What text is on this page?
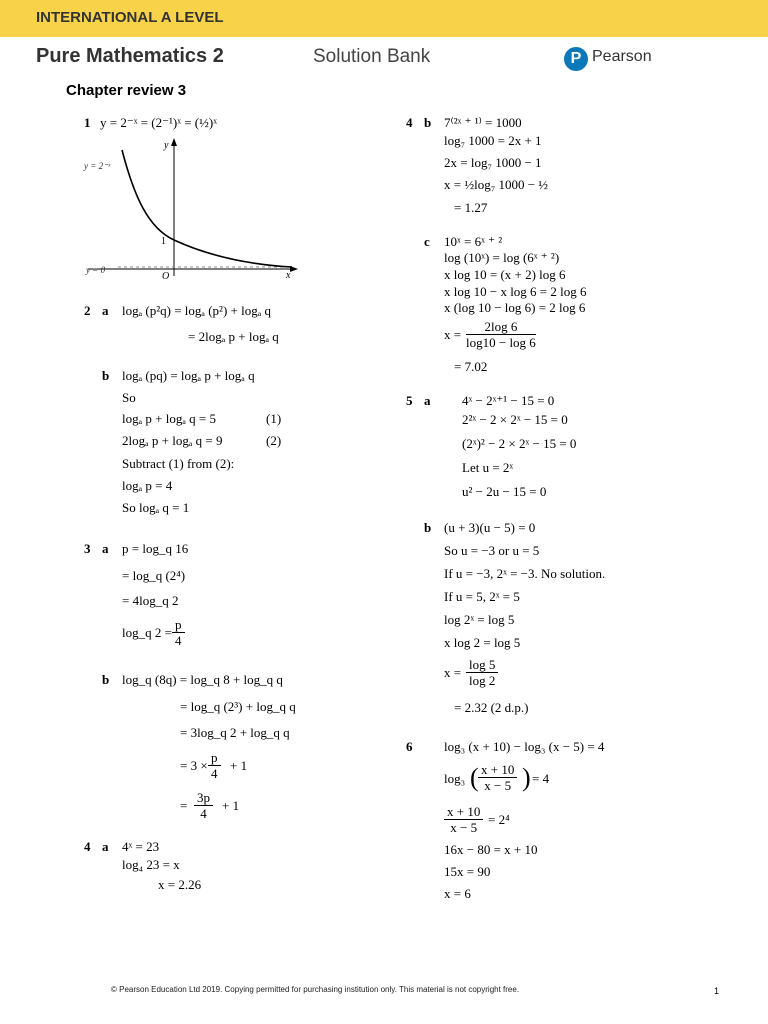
INTERNATIONAL A LEVEL
Pure Mathematics 2	Solution Bank	P Pearson
Chapter review 3
1 y = 2⁻ˣ = (2⁻¹)ˣ = (½)ˣ
y
x
y = 2⁻ˣ
y = 0
1
O
2 a logₐ (p²q) = logₐ (p²) + logₐ q
= 2logₐ p + logₐ q
b logₐ (pq) = logₐ p + logₐ q
So
logₐ p + logₐ q = 5	(1)
2logₐ p + logₐ q = 9	(2)
Subtract (1) from (2):
logₐ p = 4
So logₐ q = 1
3 a p = log_q 16
= log_q (2⁴)
= 4log_q 2
log_q $2 = \frac{p}{4}$
b log_q (8q) = log_q 8 + log_q q
= log_q (2³) + log_q q
= 3log_q 2 + log_q q
= $3 \times \frac{p}{4} + 1$
= $\frac{3p}{4} + 1$
4 a 4ˣ = 23
log₄ 23 = x
x = 2.26
4 b 7⁽²ˣ ⁺ ¹⁾ = 1000
log₇ 1000 = 2x + 1
2x = log₇ 1000 − 1
x = ½log₇ 1000 − ½
= 1.27
c 10ˣ = 6ˣ ⁺ ²
log (10ˣ) = log (6ˣ ⁺ ²)
x log 10 = (x + 2) log 6
x log 10 − x log 6 = 2 log 6
x (log 10 − log 6) = 2 log 6
$x = \frac{2\log 6}{\log 10 - \log 6}$
= 7.02
5 a 4ˣ − 2ˣ⁺¹ − 15 = 0
2²ˣ − 2 × 2ˣ − 15 = 0
(2ˣ)² − 2 × 2ˣ − 15 = 0
Let u = 2ˣ
u² − 2u − 15 = 0
b (u + 3)(u − 5) = 0
So u = −3 or u = 5
If u = −3, 2ˣ = −3. No solution.
If u = 5, 2ˣ = 5
log 2ˣ = log 5
x log 2 = log 5
$x = \frac{\log 5}{\log 2}$
= 2.32 (2 d.p.)
6 log₃ (x + 10) − log₃ (x − 5) = 4
log₃ ( $\frac{x + 10}{x - 5}$ ) = 4
$\frac{x + 10}{x - 5} = 2^4$
16x − 80 = x + 10
15x = 90
x = 6
© Pearson Education Ltd 2019. Copying permitted for purchasing institution only. This material is not copyright free.	1
